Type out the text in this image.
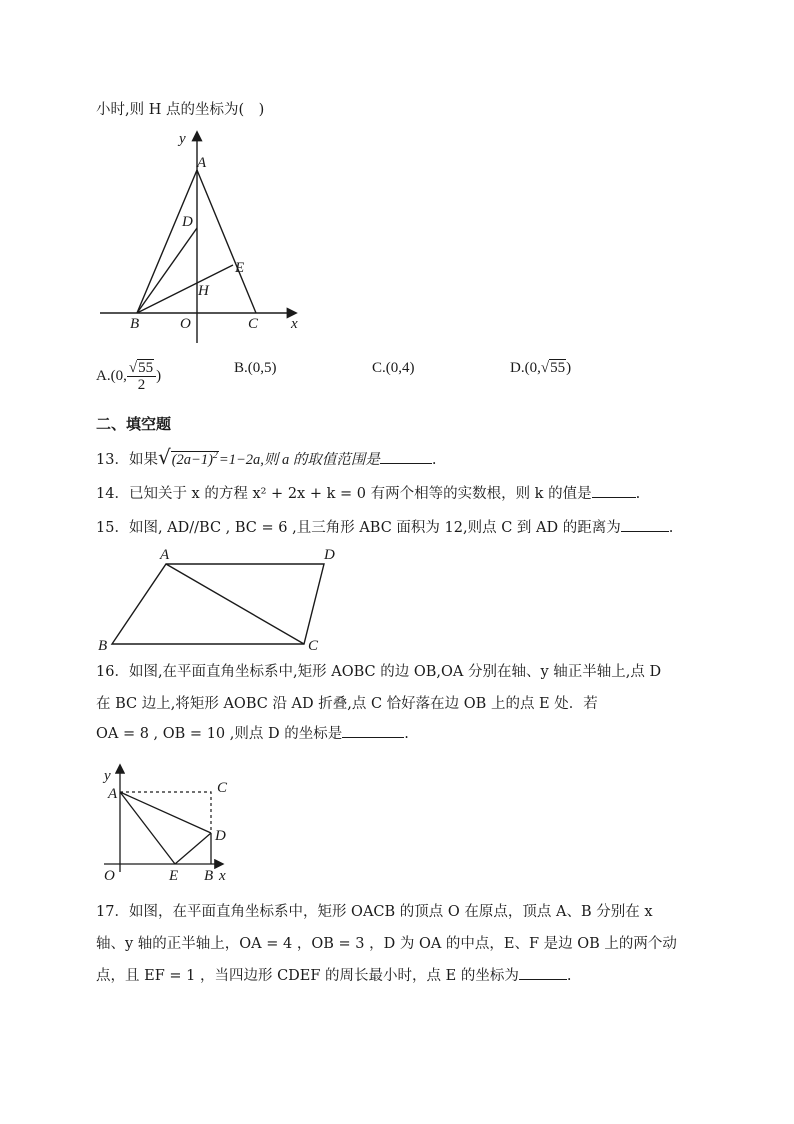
小时,则 H 点的坐标为(　)
y
A
D
E
H
B	O	C x
A.(0, $\frac{√55}{2}$ )	B.(0,5)	C.(0,4)	D.(0,√55)
二、填空题
13．如果$√(2a-1)^2=1-2a$,则 a 的取值范围是	.
14．已知关于 x 的方程 x² + 2x + k = 0 有两个相等的实数根，则 k 的值是	.
15．如图, AD//BC , BC = 6 ,且三角形 ABC 面积为 12,则点 C 到 AD 的距离为	.
A	D
B	C
16．如图,在平面直角坐标系中,矩形 AOBC 的边 OB,OA 分别在轴、y 轴正半轴上,点 D
在 BC 边上,将矩形 AOBC 沿 AD 折叠,点 C 恰好落在边 OB 上的点 E 处．若
OA = 8 , OB = 10 ,则点 D 的坐标是	.
y
A	C
D
O	E B x
17．如图，在平面直角坐标系中，矩形 OACB 的顶点 O 在原点，顶点 A、B 分别在 x
轴、y 轴的正半轴上，OA = 4 ，OB = 3 ，D 为 OA 的中点，E、F 是边 OB 上的两个动
点，且 EF = 1 ，当四边形 CDEF 的周长最小时，点 E 的坐标为	.
